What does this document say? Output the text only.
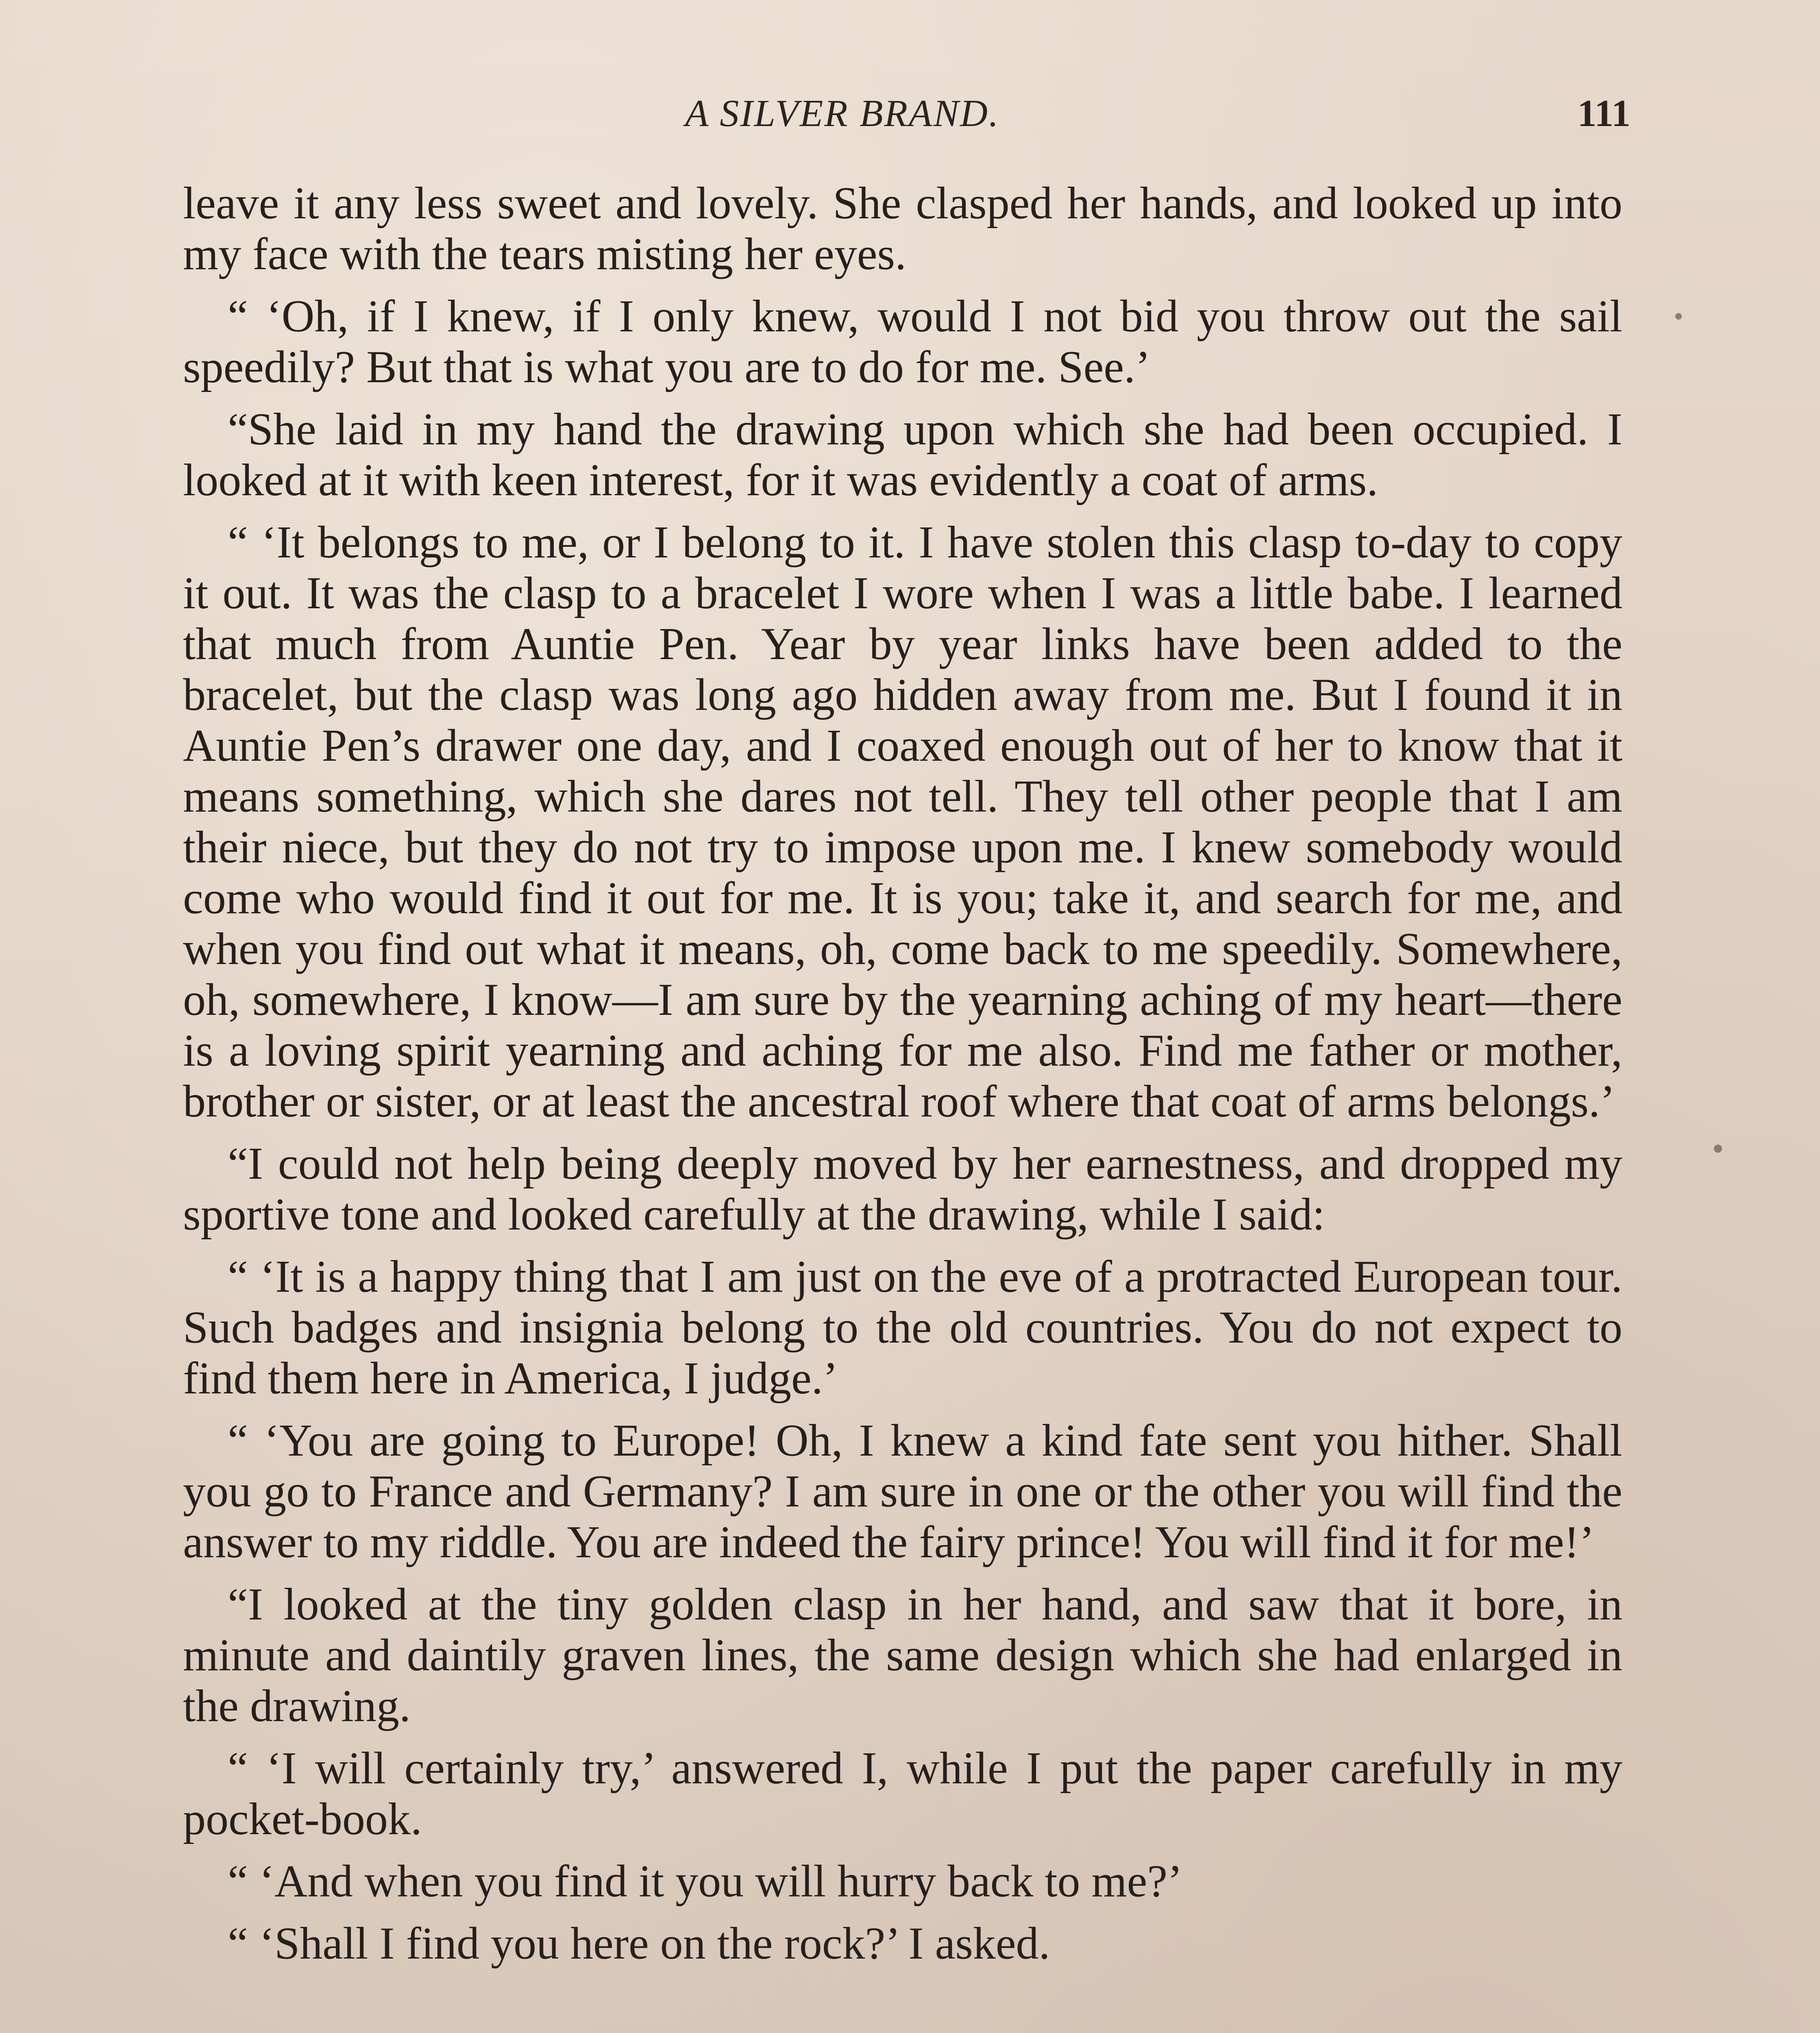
A SILVER BRAND.	111

leave it any less sweet and lovely. She clasped her hands, and looked up into my face with the tears misting her eyes.

“ ‘Oh, if I knew, if I only knew, would I not bid you throw out the sail speedily? But that is what you are to do for me. See.’

“She laid in my hand the drawing upon which she had been occupied. I looked at it with keen interest, for it was evidently a coat of arms.

“ ‘It belongs to me, or I belong to it. I have stolen this clasp to-day to copy it out. It was the clasp to a bracelet I wore when I was a little babe. I learned that much from Auntie Pen. Year by year links have been added to the bracelet, but the clasp was long ago hidden away from me. But I found it in Auntie Pen’s drawer one day, and I coaxed enough out of her to know that it means something, which she dares not tell. They tell other people that I am their niece, but they do not try to impose upon me. I knew somebody would come who would find it out for me. It is you; take it, and search for me, and when you find out what it means, oh, come back to me speedily. Somewhere, oh, somewhere, I know—I am sure by the yearning aching of my heart—there is a loving spirit yearning and aching for me also. Find me father or mother, brother or sister, or at least the ancestral roof where that coat of arms belongs.’

“I could not help being deeply moved by her earnestness, and dropped my sportive tone and looked carefully at the drawing, while I said:

“ ‘It is a happy thing that I am just on the eve of a protracted European tour. Such badges and insignia belong to the old countries. You do not expect to find them here in America, I judge.’

“ ‘You are going to Europe! Oh, I knew a kind fate sent you hither. Shall you go to France and Germany? I am sure in one or the other you will find the answer to my riddle. You are indeed the fairy prince! You will find it for me!’

“I looked at the tiny golden clasp in her hand, and saw that it bore, in minute and daintily graven lines, the same design which she had enlarged in the drawing.

“ ‘I will certainly try,’ answered I, while I put the paper carefully in my pocket-book.

“ ‘And when you find it you will hurry back to me?’

“ ‘Shall I find you here on the rock?’ I asked.
